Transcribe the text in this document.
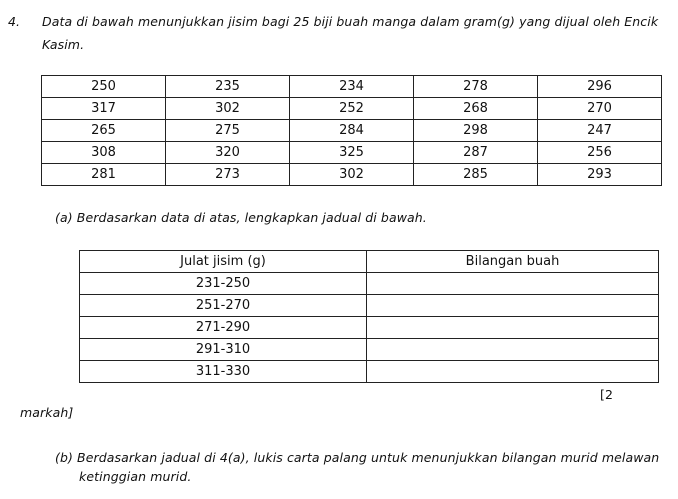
4. Data di bawah menunjukkan jisim bagi 25 biji buah manga dalam gram(g) yang dijual oleh Encik
Kasim.
250	235	234	278	296
317	302	252	268	270
265	275	284	298	247
308	320	325	287	256
281	273	302	285	293
(a) Berdasarkan data di atas, lengkapkan jadual di bawah.
Julat jisim (g)	Bilangan buah
231-250	
251-270	
271-290	
291-310	
311-330	
[2
markah]
(b) Berdasarkan jadual di 4(a), lukis carta palang untuk menunjukkan bilangan murid melawan
ketinggian murid.
